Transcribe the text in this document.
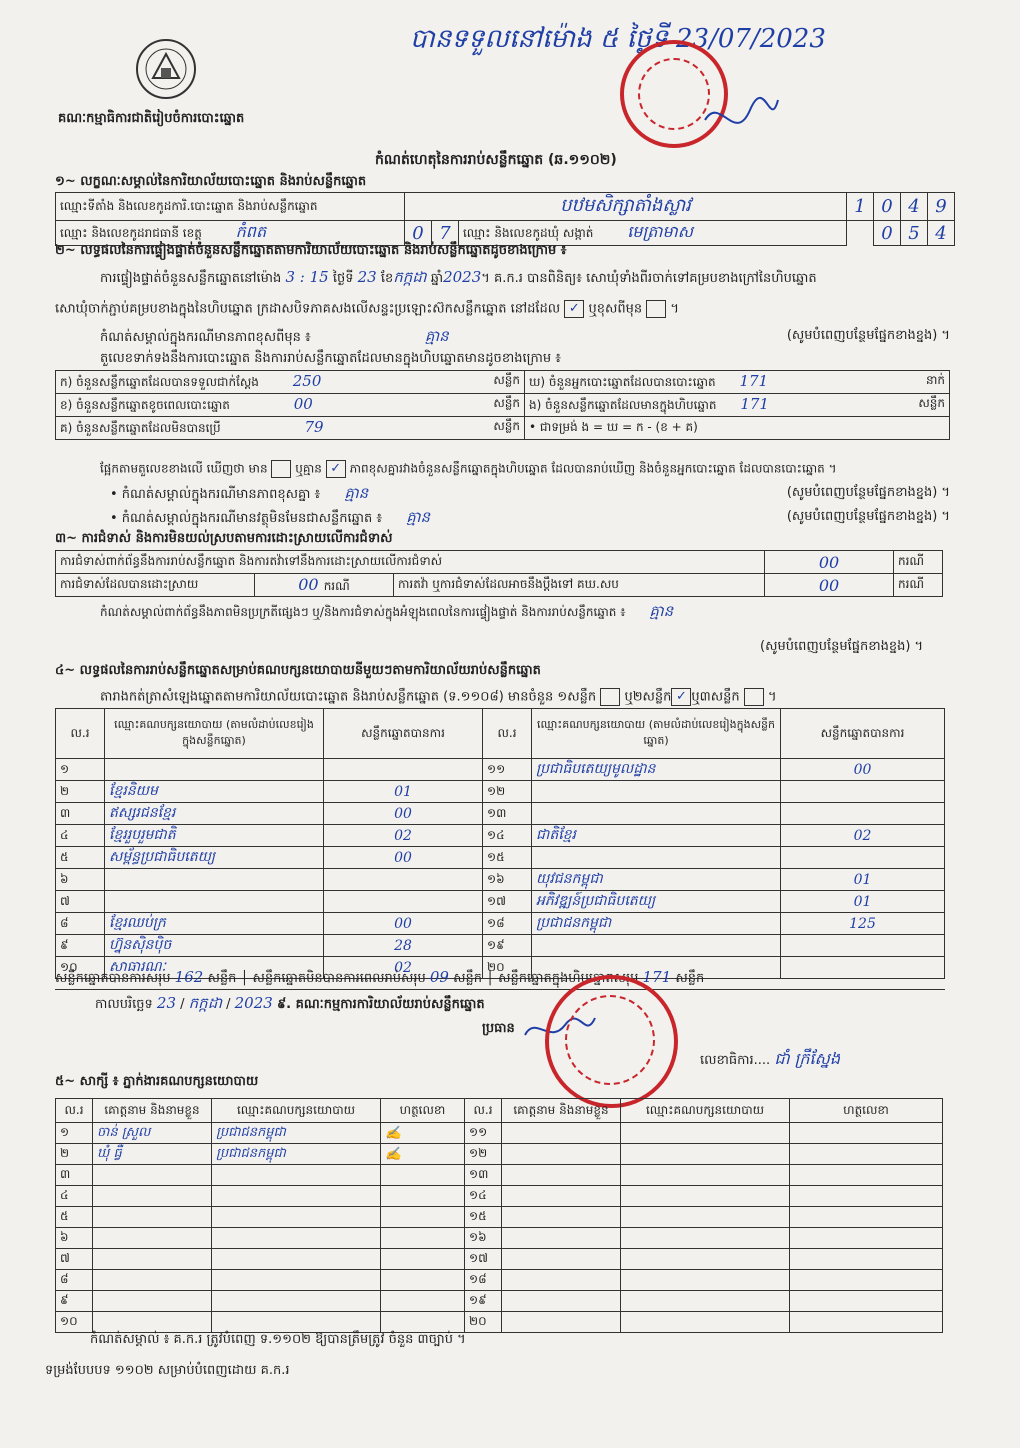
គណៈកម្មាធិការជាតិរៀបចំការបោះឆ្នោត
បានទទួលនៅម៉ោង ៥ ថ្ងៃទី 23/07/2023
កំណត់ហេតុនៃការរាប់សន្លឹកឆ្នោត (ឆ.១១០២)
១~ លក្ខណៈសម្គាល់នៃការិយាល័យបោះឆ្នោត និងរាប់សន្លឹកឆ្នោត
ឈ្មោះទីតាំង និងលេខកូដការិ.បោះឆ្នោត និងរាប់សន្លឹកឆ្នោត	បឋមសិក្សាតាំងស្លាវ			1	0	4	9
ឈ្មោះ និងលេខកូដរាជធានី ខេត្ត កំពត	0	7	ឈ្មោះ និងលេខកូដឃុំ សង្កាត់ មេត្រាមាស		0	5	4
២~ លទ្ធផលនៃការផ្ទៀងផ្ទាត់ចំនួនសន្លឹកឆ្នោតតាមការិយាល័យបោះឆ្នោត និងរាប់សន្លឹកឆ្នោតដូចខាងក្រោម ៖
ការផ្ទៀងផ្ទាត់ចំនួនសន្លឹកឆ្នោតនៅម៉ោង 3 : 15 ថ្ងៃទី 23 ខែកក្កដា ឆ្នាំ2023។ គ.ក.រ បានពិនិត្យ៖ សោឃុំទាំងពីរចាក់ទៅគម្របខាងក្រៅនៃហិបឆ្នោត
សោឃុំចាក់ភ្ជាប់គម្របខាងក្នុងនៃហិបឆ្នោត ក្រដាសបិទភាគសងលើសន្ទះប្រឡោះស៊កសន្លឹកឆ្នោត នៅដដែល ✓ ឬខុសពីមុន  ។
កំណត់សម្គាល់ក្នុងករណីមានភាពខុសពីមុន ៖	គ្មាន	(សូមបំពេញបន្ថែមផ្នែកខាងខ្នង) ។
តួលេខទាក់ទងនឹងការបោះឆ្នោត និងការរាប់សន្លឹកឆ្នោតដែលមានក្នុងហិបឆ្នោតមានដូចខាងក្រោម ៖
ក) ចំនួនសន្លឹកឆ្នោតដែលបានទទួលជាក់ស្តែង 250 សន្លឹក	ឃ) ចំនួនអ្នកបោះឆ្នោតដែលបានបោះឆ្នោត 171 នាក់

ខ) ចំនួនសន្លឹកឆ្នោតខូចពេលបោះឆ្នោត 00 សន្លឹក	ង) ចំនួនសន្លឹកឆ្នោតដែលមានក្នុងហិបឆ្នោត 171 សន្លឹក

គ) ចំនួនសន្លឹកឆ្នោតដែលមិនបានប្រើ 79 សន្លឹក	• ជាទម្រង់ ង = ឃ = ក - (ខ + គ)
ផ្អែកតាមតួលេខខាងលើ ឃើញថា មាន ឬគ្មាន ✓ ភាពខុសគ្នារវាងចំនួនសន្លឹកឆ្នោតក្នុងហិបឆ្នោត ដែលបានរាប់ឃើញ និងចំនួនអ្នកបោះឆ្នោត ដែលបានបោះឆ្នោត ។
• កំណត់សម្គាល់ក្នុងករណីមានភាពខុសគ្នា ៖ គ្មាន	(សូមបំពេញបន្ថែមផ្នែកខាងខ្នង) ។
• កំណត់សម្គាល់ក្នុងករណីមានវត្ថុមិនមែនជាសន្លឹកឆ្នោត ៖ គ្មាន	(សូមបំពេញបន្ថែមផ្នែកខាងខ្នង) ។
៣~ ការជំទាស់ និងការមិនយល់ស្របតាមការដោះស្រាយលើការជំទាស់
ការជំទាស់ពាក់ព័ន្ធនឹងការរាប់សន្លឹកឆ្នោត និងការតវ៉ាទៅនឹងការដោះស្រាយលើការជំទាស់			00	ករណី
ការជំទាស់ដែលបានដោះស្រាយ	00 ករណី	ការតវ៉ា ឬការជំទាស់ដែលអាចនឹងប្តឹងទៅ គឃ.សប	00	ករណី
កំណត់សម្គាល់ពាក់ព័ន្ធនឹងភាពមិនប្រក្រតីផ្សេងៗ ឬ/និងការជំទាស់ក្នុងអំឡុងពេលនៃការផ្ទៀងផ្ទាត់ និងការរាប់សន្លឹកឆ្នោត ៖ គ្មាន
(សូមបំពេញបន្ថែមផ្នែកខាងខ្នង) ។
៤~ លទ្ធផលនៃការរាប់សន្លឹកឆ្នោតសម្រាប់គណបក្សនយោបាយនីមួយៗតាមការិយាល័យរាប់សន្លឹកឆ្នោត
តារាងកត់ត្រាសំឡេងឆ្នោតតាមការិយាល័យបោះឆ្នោត និងរាប់សន្លឹកឆ្នោត (ទ.១១០៨) មានចំនួន ១សន្លឹក ឬ២សន្លឹក ✓ ឬ៣សន្លឹក  ។
ល.រ	ឈ្មោះគណបក្សនយោបាយ (តាមលំដាប់លេខរៀងក្នុងសន្លឹកឆ្នោត)	សន្លឹកឆ្នោតបានការ	ល.រ	ឈ្មោះគណបក្សនយោបាយ (តាមលំដាប់លេខរៀងក្នុងសន្លឹកឆ្នោត)	សន្លឹកឆ្នោតបានការ
១			១១	ប្រជាធិបតេយ្យមូលដ្ឋាន	00
២	ខ្មែរនិយម	01	១២		
៣	ឥស្សរជនខ្មែរ	00	១៣		
៤	ខ្មែររួបរួមជាតិ	02	១៤	ជាតិខ្មែរ	02
៥	សម្ព័ន្ធប្រជាធិបតេយ្យ	00	១៥		
៦			១៦	យុវជនកម្ពុជា	01
៧			១៧	អភិវឌ្ឍន៍ប្រជាធិបតេយ្យ	01
៨	ខ្មែរឈប់ក្រ	00	១៨	ប្រជាជនកម្ពុជា	125
៩	ហ្វ៊ុនស៊ិនប៉ិច	28	១៩		
១០	សាធារណៈ	02	២០		
សន្លឹកឆ្នោតបានការសរុប 162 សន្លឹក │ សន្លឹកឆ្នោតមិនបានការពេលរាប់សរុប 09 សន្លឹក │ សន្លឹកឆ្នោតក្នុងហិបឆ្នោតសរុប 171 សន្លឹក
កាលបរិច្ឆេទ 23 / កក្កដា / 2023 ៩. គណៈកម្មការការិយាល័យរាប់សន្លឹកឆ្នោត
ប្រធាន
លេខាធិការ.... ជាំ ក្រឹស្នែង
៥~ សាក្សី ៖ ភ្នាក់ងារគណបក្សនយោបាយ
ល.រ	គោត្តនាម និងនាមខ្លួន	ឈ្មោះគណបក្សនយោបាយ	ហត្ថលេខា	ល.រ	គោត្តនាម និងនាមខ្លួន	ឈ្មោះគណបក្សនយោបាយ	ហត្ថលេខា
១	ចាន់ ស្រួល	ប្រជាជនកម្ពុជា	✍	១១			
២	ឃុំ ធ្វឺ	ប្រជាជនកម្ពុជា	✍	១២			
៣				១៣			
៤				១៤			
៥				១៥			
៦				១៦			
៧				១៧			
៨				១៨			
៩				១៩			
១០				២០			
កំណត់សម្គាល់ ៖ គ.ក.រ ត្រូវបំពេញ ទ.១១០២ ឱ្យបានត្រឹមត្រូវ ចំនួន ៣ច្បាប់ ។
ទម្រង់បែបបទ ១១០២ សម្រាប់បំពេញដោយ គ.ក.រ
